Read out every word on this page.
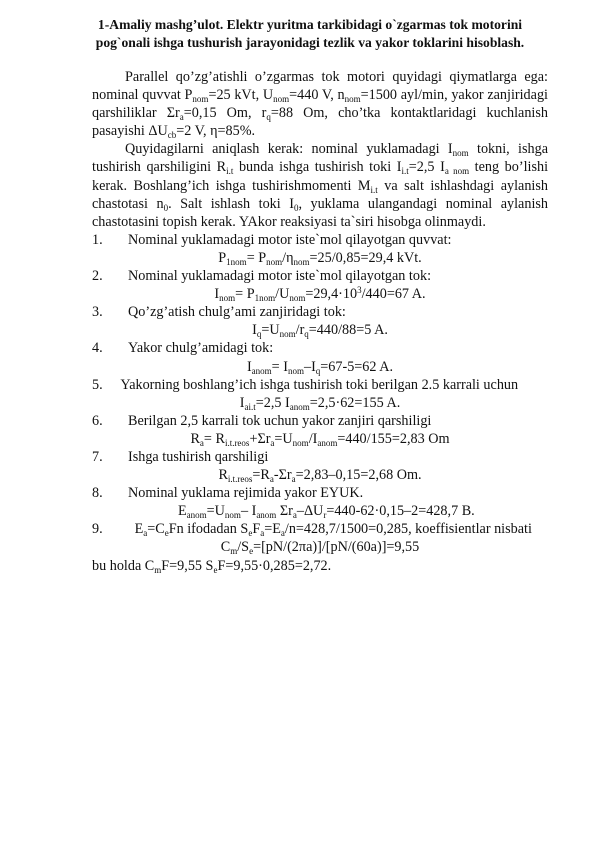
1-Amaliy mashg’ulot. Elektr yuritma tarkibidagi o`zgarmas tok motorini
pog`onali ishga tushurish jarayonidagi tezlik va yakor toklarini hisoblash.

Parallel qo’zg’atishli o’zgarmas tok motori quyidagi qiymatlarga ega: nominal quvvat $P_{nom}=25$ kVt, $U_{nom}=440$ V, $n_{nom}=1500$ ayl/min, yakor zanjiridagi qarshiliklar $\Sigma r_a=0,15$ Om, $r_q=88$ Om, cho’tka kontaktlaridagi kuchlanish pasayishi $\Delta U_{cb}=2$ V, η=85%.

Quyidagilarni aniqlash kerak: nominal yuklamadagi $I_{nom}$ tokni, ishga tushirish qarshiligini $R_{i.t}$ bunda ishga tushirish toki $I_{i.t}=2,5$ $I_{a nom}$ teng bo’lishi kerak. Boshlang’ich ishga tushirishmomenti $M_{i.t}$ va salt ishlashdagi aylanish chastotasi $n_0$. Salt ishlash toki $I_0$, yuklama ulangandagi nominal aylanish chastotasini topish kerak. YAkor reaksiyasi ta`siri hisobga olinmaydi.

1.	Nominal yuklamadagi motor iste`mol qilayotgan quvvat:

$P_{1nom}= P_{nom}/\eta_{nom}=25/0,85=29,4$ kVt.

2.	Nominal yuklamadagi motor iste`mol qilayotgan tok:

$I_{nom}= P_{1nom}/U_{nom}=29,4\cdot 10^3/440=67$ A.

3.	Qo’zg’atish chulg’ami zanjiridagi tok:

$I_q=U_{nom}/r_q=440/88=5$ A.

4.	Yakor chulg’amidagi tok:

$I_{anom}= I_{nom}-I_q=67-5=62$ A.

5. Yakorning boshlang’ich ishga tushirish toki berilgan 2.5 karrali uchun

$I_{ai.t}=2,5$ $I_{anom}=2,5\cdot 62=155$ A.

6.	Berilgan 2,5 karrali tok uchun yakor zanjiri qarshiligi

$R_a= R_{i.t.reos}+\Sigma r_a=U_{nom}/I_{anom}=440/155=2,83$ Om

7.	Ishga tushirish qarshiligi

$R_{i.t.reos}=R_a-\Sigma r_a=2,83-0,15=2,68$ Om.

8.	Nominal yuklama rejimida yakor EYUK.

$E_{anom}=U_{nom}-$ $I_{anom}$ $\Sigma r_a-\Delta U_r=440-62\cdot 0,15-2=428,7$ B.

9. $E_a=C_eFn$ ifodadan $S_eF_a=E_a/n=428,7/1500=0,285$, koeffisientlar nisbati

$C_m/S_e=[pN/(2\pi a)]/[pN/(60a)]=9,55$

bu holda $C_mF=9,55$ $S_eF=9,55\cdot 0,285=2,72$.
